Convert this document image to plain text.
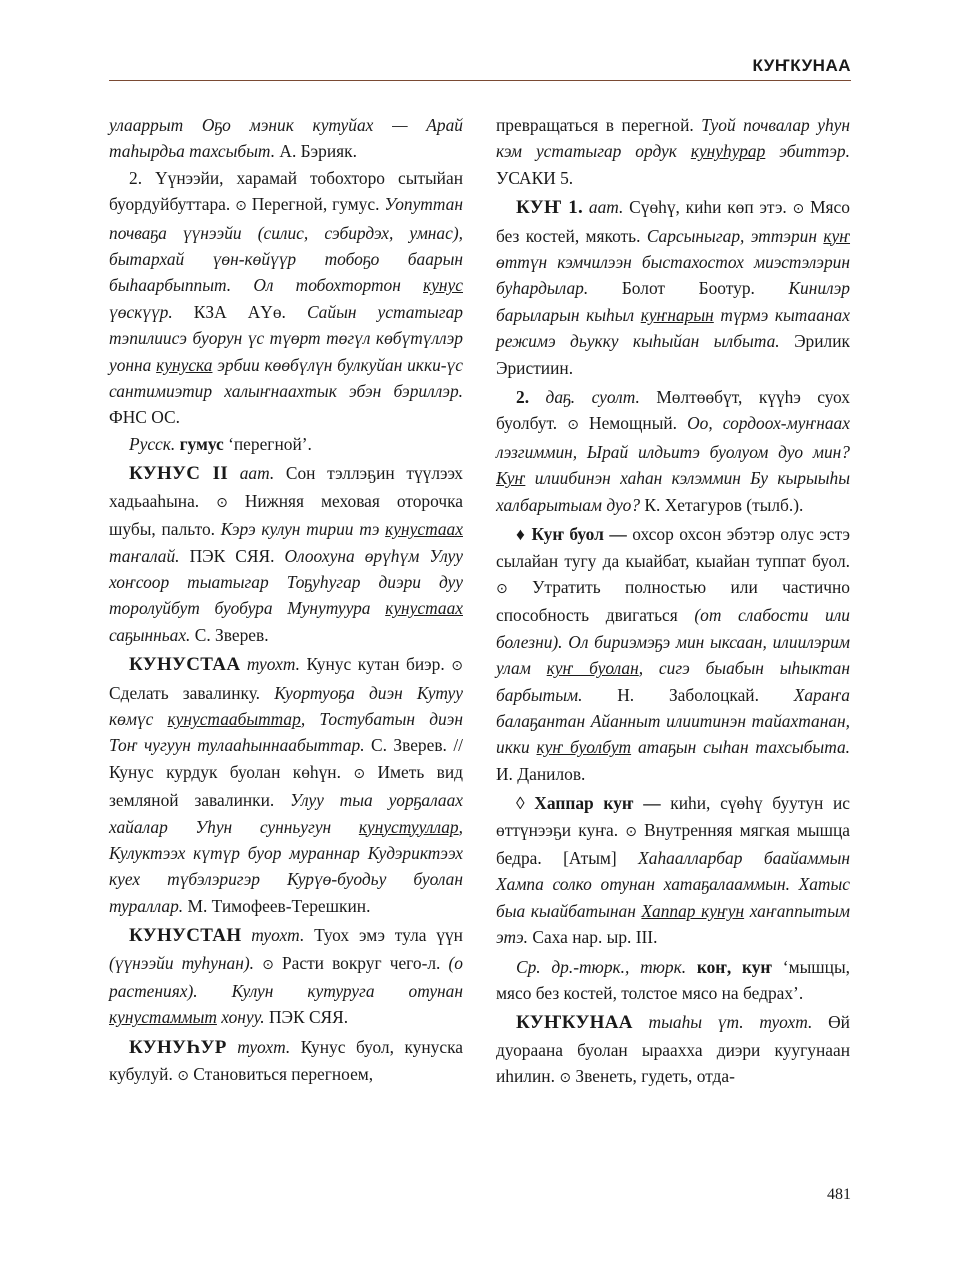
КУҤКУНАА

улаappыт Оҕо мэник кутуйах — Арай таһырдьа тахсыбыт. А. Бэрияк.

2. Үүнээйи, харамай тобохторо сытыйан буордуйбуттара. ⊙ Перегной, гумус. Уопуттан почваҕа үүнээйи (силис, сэбирдэх, умнас), бытархай үөн-көйүүр тобоҕо баарын быһаарбыппыт. Ол тобохтортон кунус үөскүүр. КЗА АҮө. Сайын устатыгар тэпилиисэ буорун үс түөрт төгүл көбүтүллэр уонна кунуска эрбии көөбүлүн булкуйан икки-үс сантимиэтир халыҥнаахтык эбэн бэриллэр. ФНС ОС.

Русск. гумус ‘перегной’.

КУНУС II аат. Сон тэллэҕин түүлээх хадьааһына. ⊙ Нижняя меховая оторочка шубы, пальто. Кэрэ кулун тирии тэ кунустаах таҥалай. ПЭК СЯЯ. Олоохуна өрүһүм Улуу хоҥсоор тыатыгар Тоҕуһугар диэри дуу торолуйбут буобура Мунутуура кунустаах саҕынньах. С. Зверев.

КУНУСТАА туохт. Кунус кутан биэр. ⊙ Сделать завалинку. Куортуоҕа диэн Кутуу көмүс кунустаабыттар, Тостубатын диэн Тоҥ чугуун тулааһыннаабыттар. С. Зверев. // Кунус курдук буолан көһүн. ⊙ Иметь вид земляной завалинки. Улуу тыа уорҕалаах хайалар Уһун сунньугун кунустууллар, Кулуктээх күтүр буор мураннар Кудэриктээх куех түбэлэригэр Курүө-буодьу буолан тураллар. М. Тимофеев-Терешкин.

КУНУСТАН туохт. Туох эмэ тула үүн (үүнээйи туһунан). ⊙ Расти вокруг чего-л. (о растениях). Кулун кутуруга отунан кунустаммыт хонуу. ПЭК СЯЯ.

КУНУҺУР туохт. Кунус буол, кунуска кубулуй. ⊙ Становиться перегноем,

превращаться в перегной. Туой почвалар уһун кэм устатыгар ордук кунуһурар эбиттэр. УСАКИ 5.

КУҤ 1. аат. Сүөһү, киһи көп этэ. ⊙ Мясо без костей, мякоть. Сарсыныгар, эттэрин куҥ өттүн кэмчилээн быстахостох миэстэлэрин буһардылар. Болот Боотур. Кинилэр барыларын кыһыл куҥнарын түрмэ кытаанах режимэ дьукку кыһыйан ылбыта. Эрилик Эристиин.

2. даҕ. суолт. Мөлтөөбүт, күүһэ суох буолбут. ⊙ Немощный. Оо, сордоох-муҥнаах лэзгиммин, Ырай илдьитэ буолуом дуо мин? Куҥ илиибинэн хаһан кэлэммин Бу кырыыһы халбарытыам дуо? К. Хетагуров (тылб.).

♦ Куҥ буол — охсор охсон эбэтэр олус эстэ сылайан тугу да кыайбат, кыайан туппат буол. ⊙ Утратить полностью или частично способность двигаться (от слабости или болезни). Ол бириэмэҕэ мин ыксаан, илиилэрим улам куҥ буолан, сигэ быабын ыһыктан барбытым. Н. Заболоцкай. Хараҥа балаҕантан Айанныт илиитинэн тайахтанан, икки куҥ буолбут атаҕын сыһан тахсыбыта. И. Данилов.

◊ Хаппар куҥ — киһи, сүөһү буутун ис өттүнээҕи куҥа. ⊙ Внутренняя мягкая мышца бедра. [Атым] Хаһаалларбар баайаммын Хампа солко отунан хатаҕалааммын. Хатыс быа кыайбатынан Хаппар куҥун хаҥаппытым этэ. Саха нар. ыр. III.

Ср. др.-тюрк., тюрк. коҥ, куҥ ‘мышцы, мясо без костей, толстое мясо на бедрах’.

КУҤКУНАА тыаһы үт. туохт. Өй дуораана буолан ыраахха диэри куугунаан иһилин. ⊙ Звенеть, гудеть, отда-

481
